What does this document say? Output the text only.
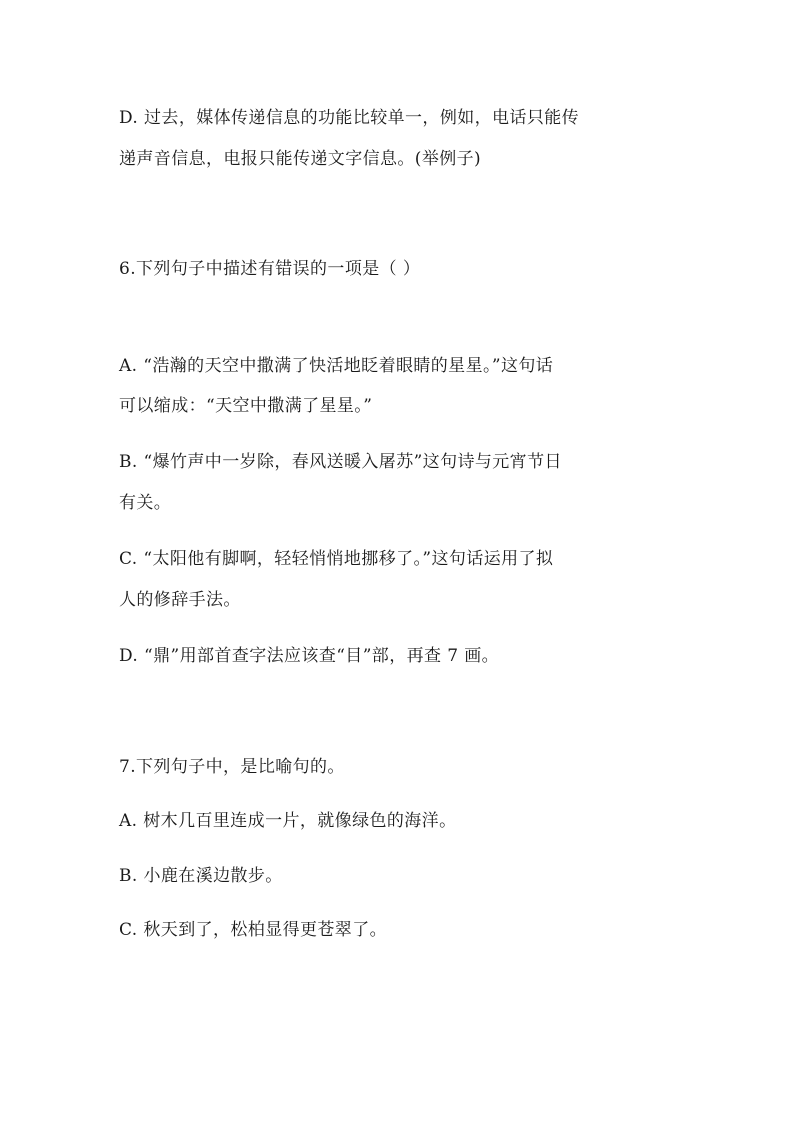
D. 过去，媒体传递信息的功能比较单一，例如，电话只能传
递声音信息，电报只能传递文字信息。(举例子)
6.下列句子中描述有错误的一项是（ ）
A. “浩瀚的天空中撒满了快活地眨着眼睛的星星。”这句话
可以缩成：“天空中撒满了星星。”
B. “爆竹声中一岁除，春风送暖入屠苏”这句诗与元宵节日
有关。
C. “太阳他有脚啊，轻轻悄悄地挪移了。”这句话运用了拟
人的修辞手法。
D. “鼎”用部首查字法应该查“目”部，再查 7 画。
7.下列句子中，是比喻句的。
A. 树木几百里连成一片，就像绿色的海洋。
B. 小鹿在溪边散步。
C. 秋天到了，松柏显得更苍翠了。
